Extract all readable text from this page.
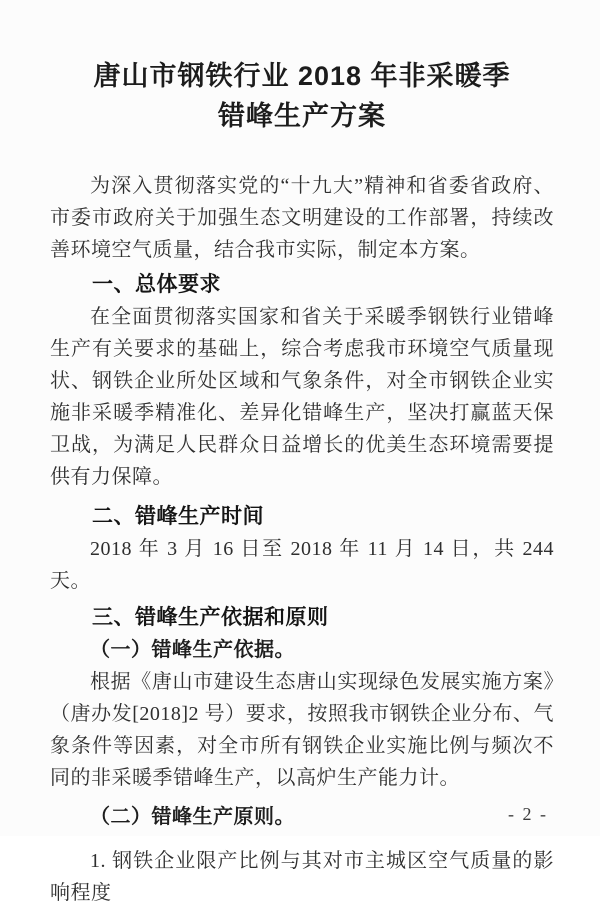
唐山市钢铁行业 2018 年非采暖季
错峰生产方案

为深入贯彻落实党的“十九大”精神和省委省政府、市委市政府关于加强生态文明建设的工作部署，持续改善环境空气质量，结合我市实际，制定本方案。

一、总体要求

在全面贯彻落实国家和省关于采暖季钢铁行业错峰生产有关要求的基础上，综合考虑我市环境空气质量现状、钢铁企业所处区域和气象条件，对全市钢铁企业实施非采暖季精准化、差异化错峰生产，坚决打赢蓝天保卫战，为满足人民群众日益增长的优美生态环境需要提供有力保障。

二、错峰生产时间

2018 年 3 月 16 日至 2018 年 11 月 14 日，共 244 天。

三、错峰生产依据和原则

（一）错峰生产依据。

根据《唐山市建设生态唐山实现绿色发展实施方案》（唐办发[2018]2 号）要求，按照我市钢铁企业分布、气象条件等因素，对全市所有钢铁企业实施比例与频次不同的非采暖季错峰生产，以高炉生产能力计。

（二）错峰生产原则。

1. 钢铁企业限产比例与其对市主城区空气质量的影响程度

- 2 -
